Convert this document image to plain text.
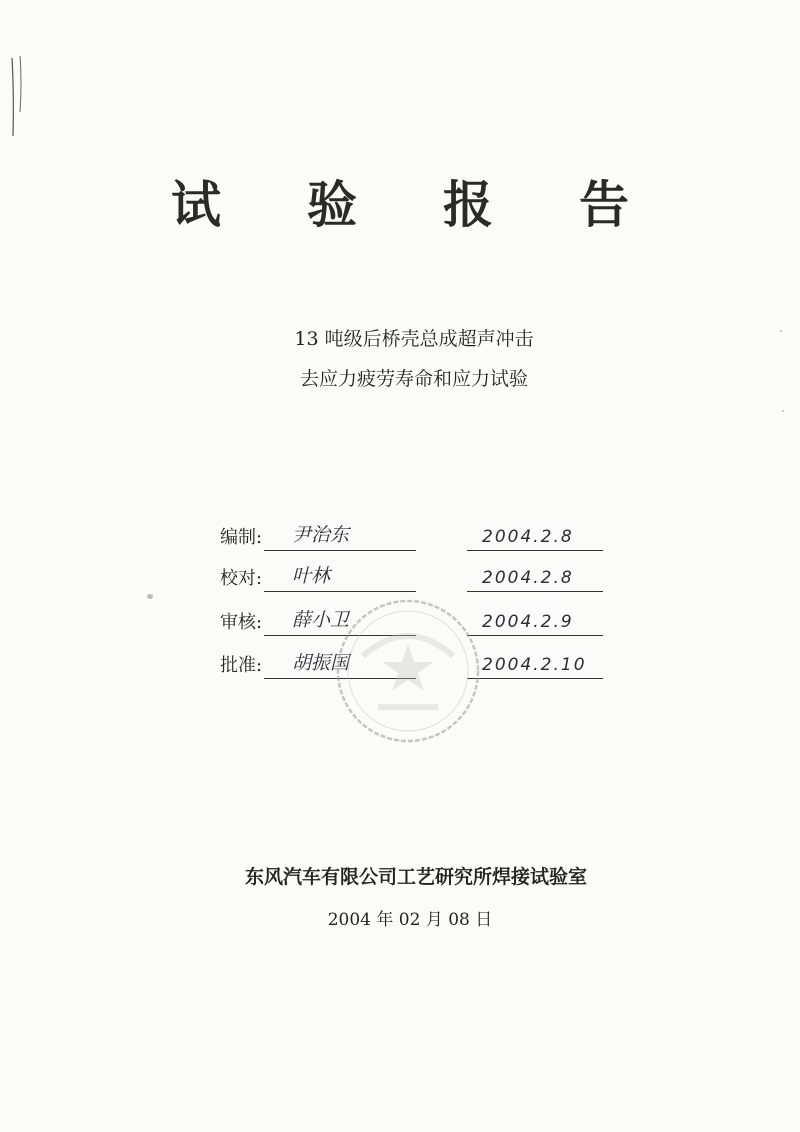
试验报告
13 吨级后桥壳总成超声冲击
去应力疲劳寿命和应力试验
编制: 尹治东	2004.2.8
校对: 叶林	2004.2.8
审核: 薛小卫	2004.2.9
批准: 胡振国	2004.2.10
东风汽车有限公司工艺研究所焊接试验室
2004 年 02 月 08 日
